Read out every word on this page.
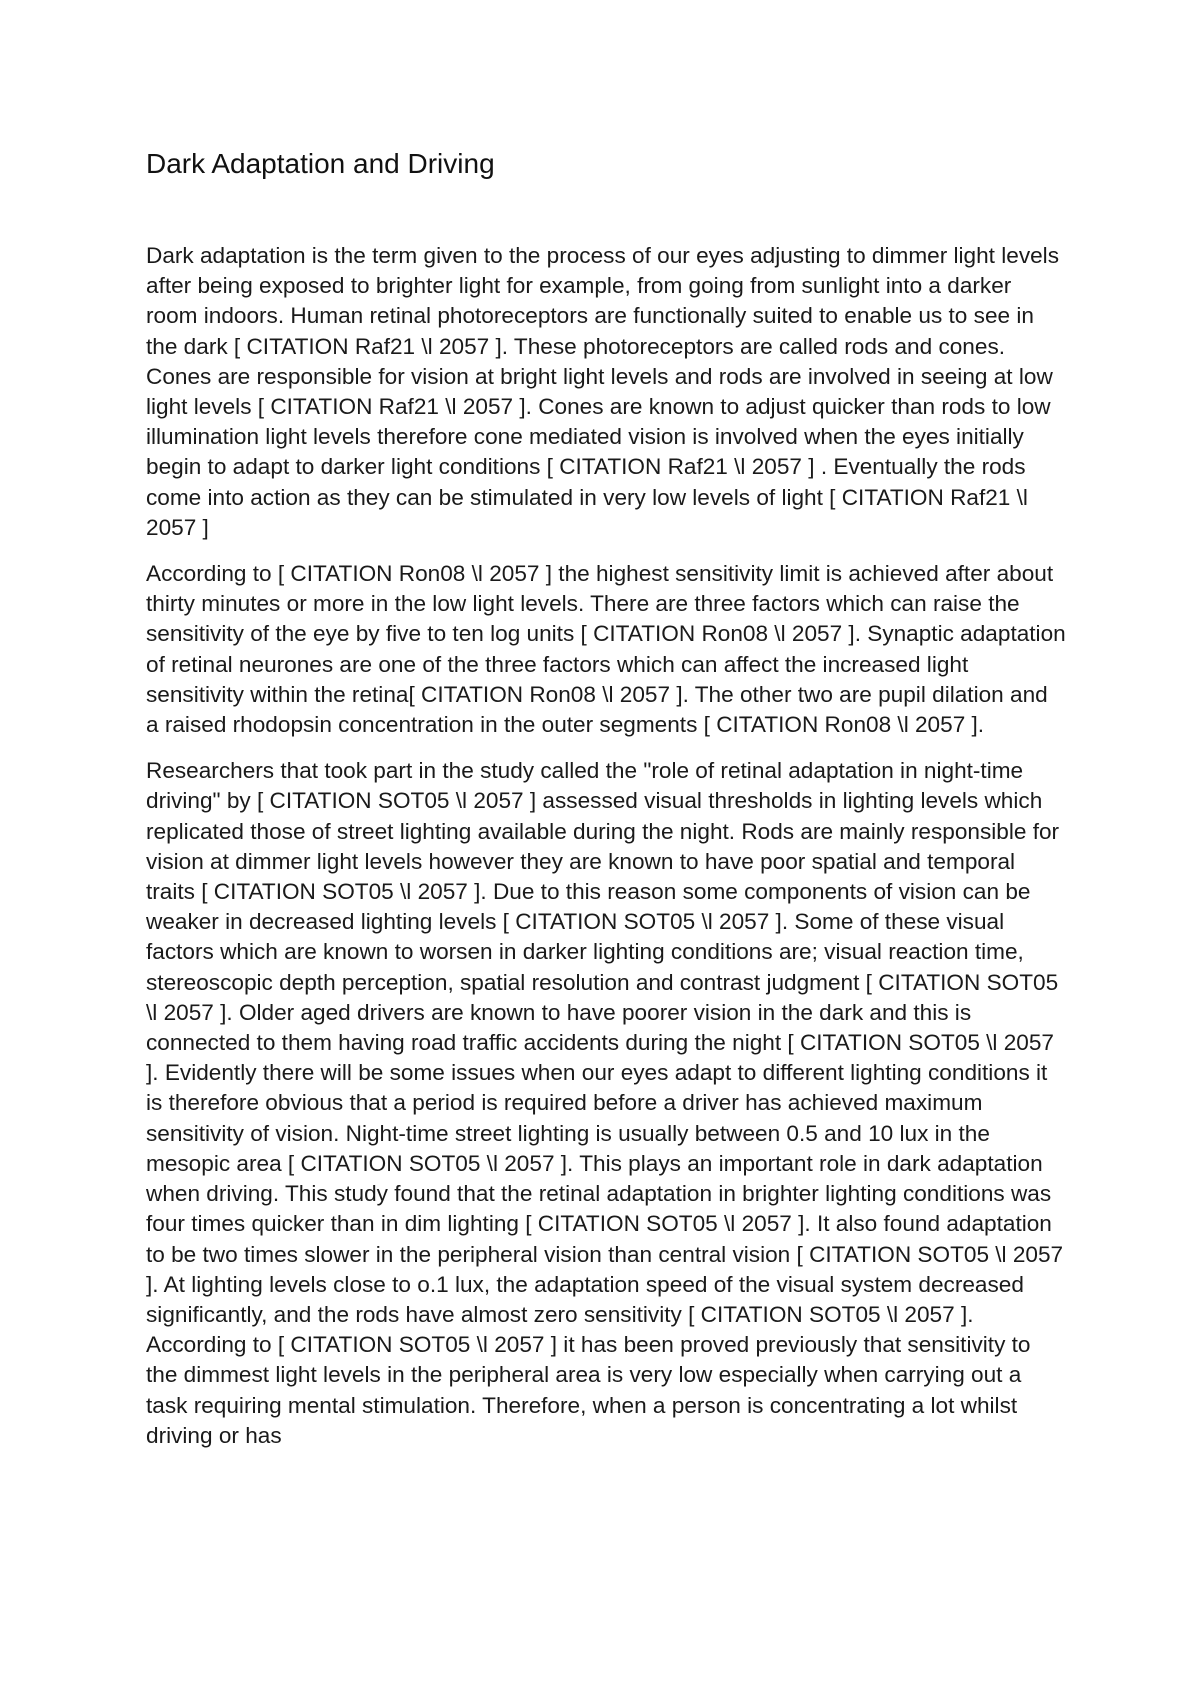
Dark Adaptation and Driving

Dark adaptation is the term given to the process of our eyes adjusting to dimmer light levels after being exposed to brighter light for example, from going from sunlight into a darker room indoors. Human retinal photoreceptors are functionally suited to enable us to see in the dark [ CITATION Raf21 \l 2057 ]. These photoreceptors are called rods and cones. Cones are responsible for vision at bright light levels and rods are involved in seeing at low light levels [ CITATION Raf21 \l 2057 ]. Cones are known to adjust quicker than rods to low illumination light levels therefore cone mediated vision is involved when the eyes initially begin to adapt to darker light conditions [ CITATION Raf21 \l 2057 ] . Eventually the rods come into action as they can be stimulated in very low levels of light [ CITATION Raf21 \l 2057 ]

According to [ CITATION Ron08 \l 2057 ] the highest sensitivity limit is achieved after about thirty minutes or more in the low light levels. There are three factors which can raise the sensitivity of the eye by five to ten log units [ CITATION Ron08 \l 2057 ]. Synaptic adaptation of retinal neurones are one of the three factors which can affect the increased light sensitivity within the retina[ CITATION Ron08 \l 2057 ]. The other two are pupil dilation and a raised rhodopsin concentration in the outer segments [ CITATION Ron08 \l 2057 ].

Researchers that took part in the study called the "role of retinal adaptation in night-time driving" by [ CITATION SOT05 \l 2057 ] assessed visual thresholds in lighting levels which replicated those of street lighting available during the night. Rods are mainly responsible for vision at dimmer light levels however they are known to have poor spatial and temporal traits [ CITATION SOT05 \l 2057 ]. Due to this reason some components of vision can be weaker in decreased lighting levels [ CITATION SOT05 \l 2057 ]. Some of these visual factors which are known to worsen in darker lighting conditions are; visual reaction time, stereoscopic depth perception, spatial resolution and contrast judgment [ CITATION SOT05 \l 2057 ]. Older aged drivers are known to have poorer vision in the dark and this is connected to them having road traffic accidents during the night [ CITATION SOT05 \l 2057 ]. Evidently there will be some issues when our eyes adapt to different lighting conditions it is therefore obvious that a period is required before a driver has achieved maximum sensitivity of vision. Night-time street lighting is usually between 0.5 and 10 lux in the mesopic area [ CITATION SOT05 \l 2057 ]. This plays an important role in dark adaptation when driving. This study found that the retinal adaptation in brighter lighting conditions was four times quicker than in dim lighting [ CITATION SOT05 \l 2057 ]. It also found adaptation to be two times slower in the peripheral vision than central vision [ CITATION SOT05 \l 2057 ]. At lighting levels close to o.1 lux, the adaptation speed of the visual system decreased significantly, and the rods have almost zero sensitivity [ CITATION SOT05 \l 2057 ]. According to [ CITATION SOT05 \l 2057 ] it has been proved previously that sensitivity to the dimmest light levels in the peripheral area is very low especially when carrying out a task requiring mental stimulation. Therefore, when a person is concentrating a lot whilst driving or has
